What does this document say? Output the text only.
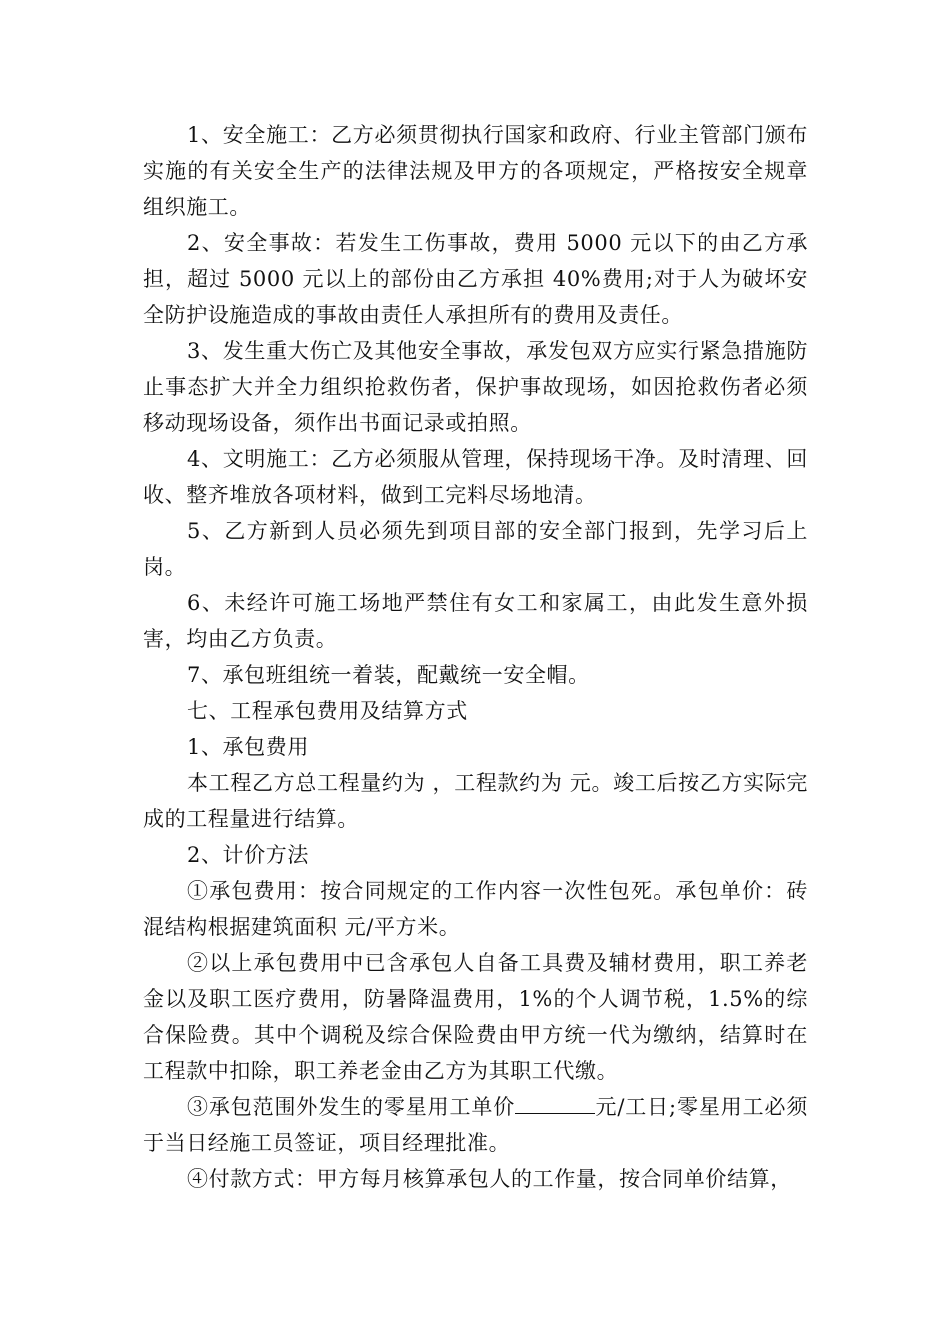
1、安全施工：乙方必须贯彻执行国家和政府、行业主管部门颁布实施的有关安全生产的法律法规及甲方的各项规定，严格按安全规章组织施工。

2、安全事故：若发生工伤事故，费用 5000 元以下的由乙方承担，超过 5000 元以上的部份由乙方承担 40%费用;对于人为破坏安全防护设施造成的事故由责任人承担所有的费用及责任。

3、发生重大伤亡及其他安全事故，承发包双方应实行紧急措施防止事态扩大并全力组织抢救伤者，保护事故现场，如因抢救伤者必须移动现场设备，须作出书面记录或拍照。

4、文明施工：乙方必须服从管理，保持现场干净。及时清理、回收、整齐堆放各项材料，做到工完料尽场地清。

5、乙方新到人员必须先到项目部的安全部门报到，先学习后上岗。

6、未经许可施工场地严禁住有女工和家属工，由此发生意外损害，均由乙方负责。

7、承包班组统一着装，配戴统一安全帽。

七、工程承包费用及结算方式

1、承包费用

本工程乙方总工程量约为 ，工程款约为 元。竣工后按乙方实际完成的工程量进行结算。

2、计价方法

①承包费用：按合同规定的工作内容一次性包死。承包单价：砖混结构根据建筑面积 元/平方米。

②以上承包费用中已含承包人自备工具费及辅材费用，职工养老金以及职工医疗费用，防暑降温费用，1%的个人调节税，1.5%的综合保险费。其中个调税及综合保险费由甲方统一代为缴纳，结算时在工程款中扣除，职工养老金由乙方为其职工代缴。

③承包范围外发生的零星用工单价	元/工日;零星用工必须于当日经施工员签证，项目经理批准。

④付款方式：甲方每月核算承包人的工作量，按合同单价结算，
